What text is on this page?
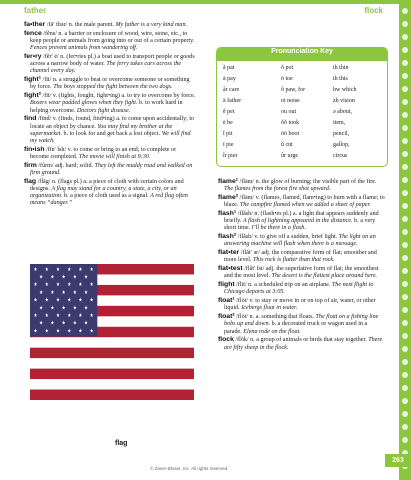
father	flock
fa•ther /fä′ thər/ n. the male parent. My father is a very kind man.
fence /fĕns/ n. a barrier or enclosure of wood, wire, stone, etc., to keep people or animals from going into or out of a certain property. Fences prevent animals from wandering off.
fer•ry /fĕr′ ē/ n. (fer•ries pl.) a boat used to transport people or goods across a narrow body of water. The ferry takes cars across the channel every day.
fight¹ /fīt/ n. a struggle to beat or overcome someone or something by force. The boys stopped the fight between the two dogs.
fight² /fīt/ v. (fights, fought, fight•ing) a. to try to overcome by force. Boxers wear padded gloves when they fight. b. to work hard in helping overcome. Doctors fight disease.
find /fīnd/ v. (finds, found, find•ing) a. to come upon accidentally; to locate an object by chance. You may find my brother at the supermarket. b. to look for and get back a lost object. We will find my watch.
fin•ish /fĭn′ ĭsh/ v. to come or bring to an end; to complete or become completed. The movie will finish at 9:30.
firm /fûrm/ adj. hard; solid. They left the muddy road and walked on firm ground.
flag /flăg/ n. (flags pl.) a. a piece of cloth with certain colors and designs. A flag may stand for a country, a state, a city, or an organization. b. a piece of cloth used as a signal. A red flag often means “danger.”
Pronunciation Key
ă pat	ŏ pot	th thin
ā pay	ō toe	th this
âr care	ô paw, for	hw which
ä father	oi noise	zh vision
ĕ pet	ou out	ə about,
ē be	ŏŏ took	item,
ĭ pit	ōō boot	pencil,
ī pie	ŭ cut	gallop,
îr pier	ûr urge	circus
flame¹ /flām/ n. the glow of burning; the visible part of the fire. The flames from the forest fire shot upward.
flame² /flām/ v. (flames, flamed, flam•ing) to burn with a flame; to blaze. The campfire flamed when we added a sheet of paper.
flash¹ /flăsh/ n. (flash•es pl.) a. a light that appears suddenly and briefly. A flash of lightning appeared in the distance. b. a very short time. I’ll be there in a flash.
flash² /flăsh/ v. to give off a sudden, brief light. The light on an answering machine will flash when there is a message.
flat•ter /flăt′ ər/ adj. the comparative form of flat; smoother and more level. This rock is flatter than that rock.
flat•test /flăt′ ĭst/ adj. the superlative form of flat; the smoothest and the most level. The desert is the flattest place around here.
flight /flīt/ n. a scheduled trip on an airplane. The next flight to Chicago departs at 3:05.
float¹ /flōt/ v. to stay or move in or on top of air, water, or other liquid. Icebergs float in water.
float² /flōt/ n. a. something that floats. The float on a fishing line bobs up and down. b. a decorated truck or wagon used in a parade. Elena rode on the float.
flock /flŏk/ n. a group of animals or birds that stay together. There are fifty sheep in the flock.
★ ★ ★ ★ ★ ★
★ ★ ★ ★ ★
★ ★ ★ ★ ★ ★
★ ★ ★ ★ ★
★ ★ ★ ★ ★ ★
★ ★ ★ ★ ★
★ ★ ★ ★ ★ ★
★ ★ ★ ★ ★
★ ★ ★ ★ ★ ★
flag
© Zaner-Bloser, Inc. All rights reserved.
263
